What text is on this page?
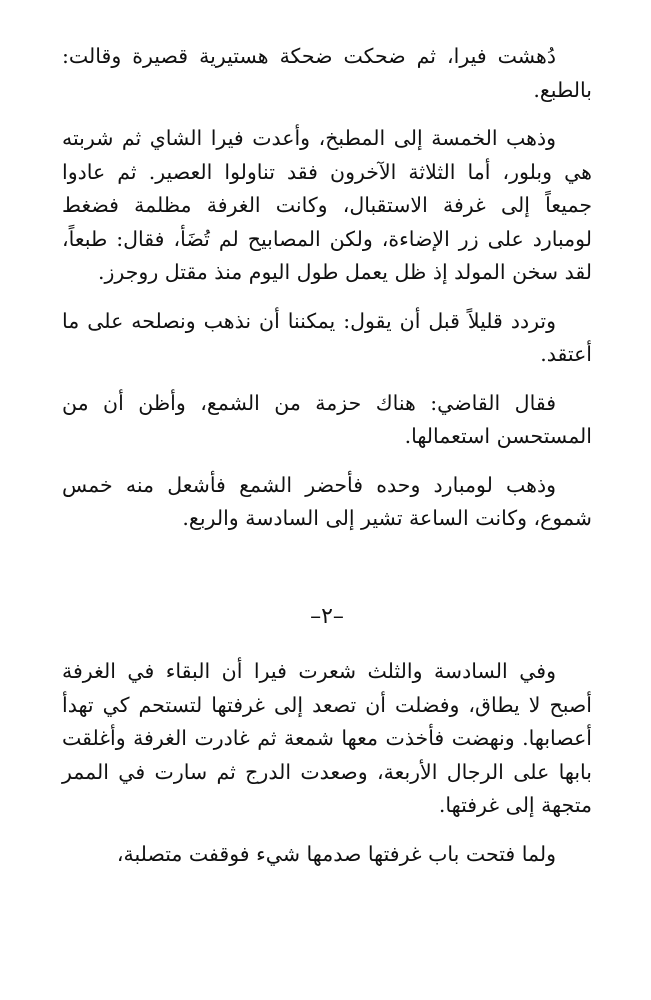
دُهشت فيرا، ثم ضحكت ضحكة هستيرية قصيرة وقالت: بالطبع.

وذهب الخمسة إلى المطبخ، وأعدت فيرا الشاي ثم شربته هي وبلور، أما الثلاثة الآخرون فقد تناولوا العصير. ثم عادوا جميعاً إلى غرفة الاستقبال، وكانت الغرفة مظلمة فضغط لومبارد على زر الإضاءة، ولكن المصابيح لم تُضَأ، فقال: طبعاً، لقد سخن المولد إذ ظل يعمل طول اليوم منذ مقتل روجرز.

وتردد قليلاً قبل أن يقول: يمكننا أن نذهب ونصلحه على ما أعتقد.

فقال القاضي: هناك حزمة من الشمع، وأظن أن من المستحسن استعمالها.

وذهب لومبارد وحده فأحضر الشمع فأشعل منه خمس شموع، وكانت الساعة تشير إلى السادسة والربع.

–٢–

وفي السادسة والثلث شعرت فيرا أن البقاء في الغرفة أصبح لا يطاق، وفضلت أن تصعد إلى غرفتها لتستحم كي تهدأ أعصابها. ونهضت فأخذت معها شمعة ثم غادرت الغرفة وأغلقت بابها على الرجال الأربعة، وصعدت الدرج ثم سارت في الممر متجهة إلى غرفتها.

ولما فتحت باب غرفتها صدمها شيء فوقفت متصلبة،
